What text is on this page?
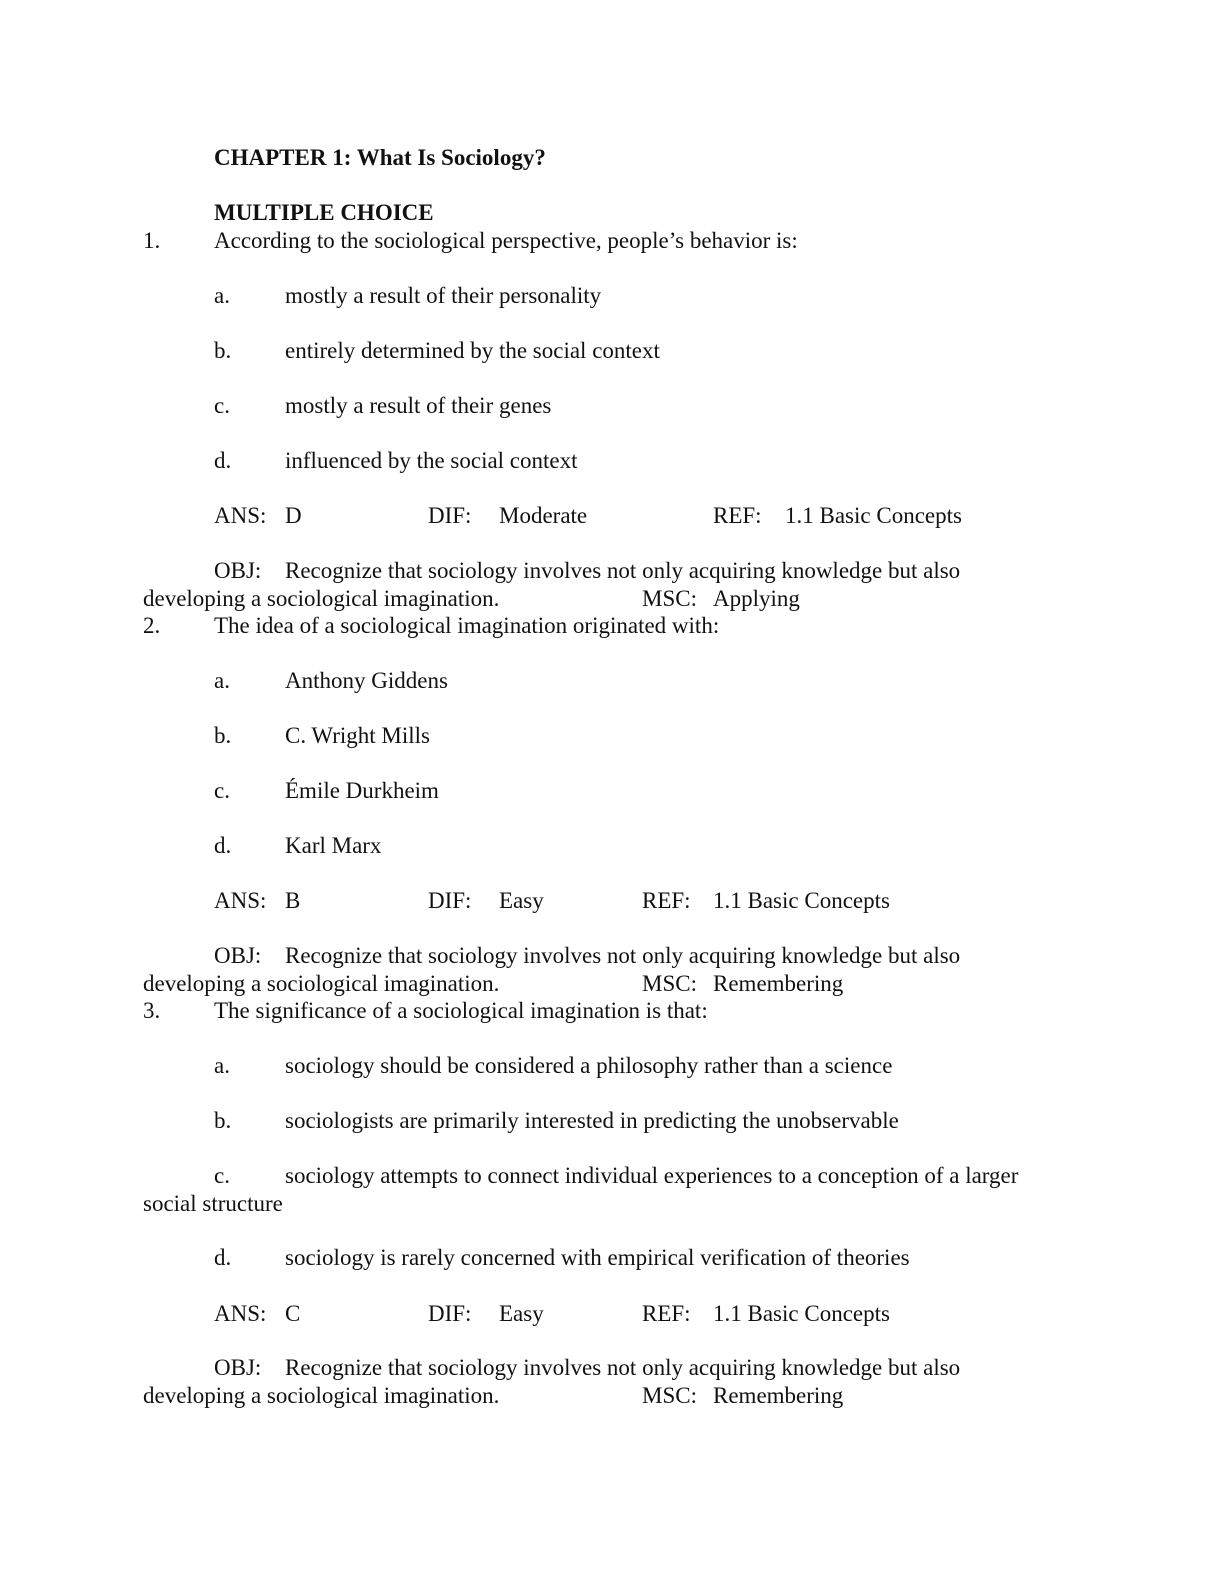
CHAPTER 1: What Is Sociology?
MULTIPLE CHOICE
1. According to the sociological perspective, people’s behavior is:
a. mostly a result of their personality
b. entirely determined by the social context
c. mostly a result of their genes
d. influenced by the social context
ANS: D	DIF: Moderate	REF: 1.1 Basic Concepts
OBJ: Recognize that sociology involves not only acquiring knowledge but also
developing a sociological imagination.	MSC: Applying
2. The idea of a sociological imagination originated with:
a. Anthony Giddens
b. C. Wright Mills
c. Émile Durkheim
d. Karl Marx
ANS: B	DIF: Easy	REF: 1.1 Basic Concepts
OBJ: Recognize that sociology involves not only acquiring knowledge but also
developing a sociological imagination.	MSC: Remembering
3. The significance of a sociological imagination is that:
a. sociology should be considered a philosophy rather than a science
b. sociologists are primarily interested in predicting the unobservable
c. sociology attempts to connect individual experiences to a conception of a larger
social structure
d. sociology is rarely concerned with empirical verification of theories
ANS: C	DIF: Easy	REF: 1.1 Basic Concepts
OBJ: Recognize that sociology involves not only acquiring knowledge but also
developing a sociological imagination.	MSC: Remembering
